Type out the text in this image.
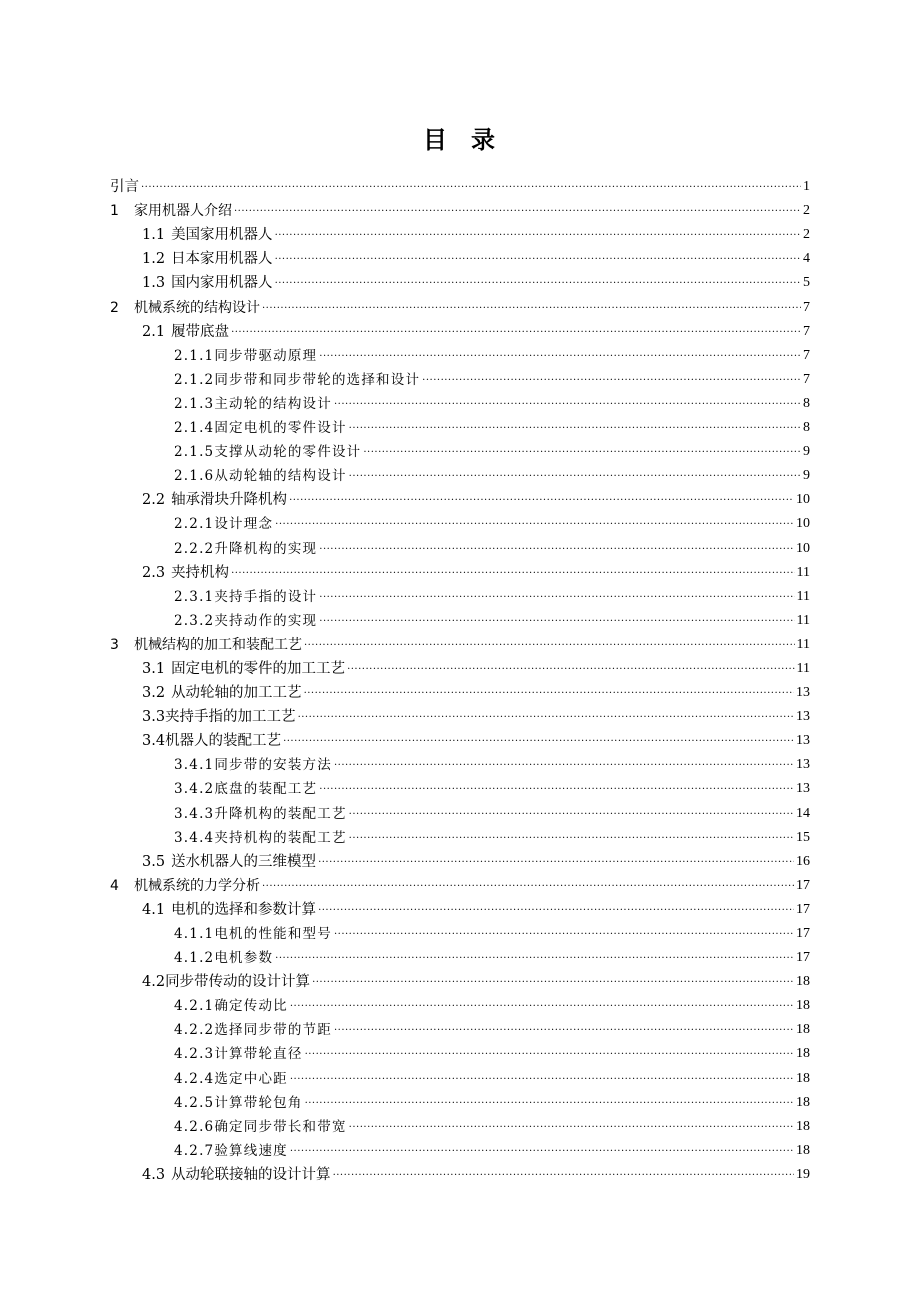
目 录
引言 .....	1
1 家用机器人介绍 .....	2
1.1 美国家用机器人 .....	2
1.2 日本家用机器人 .....	4
1.3 国内家用机器人 .....	5
2 机械系统的结构设计 .....	7
2.1 履带底盘 .....	7
2.1.1同步带驱动原理 .....	7
2.1.2同步带和同步带轮的选择和设计 .....	7
2.1.3主动轮的结构设计 .....	8
2.1.4固定电机的零件设计 .....	8
2.1.5支撑从动轮的零件设计 .....	9
2.1.6从动轮轴的结构设计 .....	9
2.2 轴承滑块升降机构 .....	10
2.2.1设计理念 .....	10
2.2.2升降机构的实现 .....	10
2.3 夹持机构 .....	11
2.3.1夹持手指的设计 .....	11
2.3.2夹持动作的实现 .....	11
3 机械结构的加工和装配工艺 .....	11
3.1 固定电机的零件的加工工艺 .....	11
3.2 从动轮轴的加工工艺 .....	13
3.3夹持手指的加工工艺 .....	13
3.4机器人的装配工艺 .....	13
3.4.1同步带的安装方法 .....	13
3.4.2底盘的装配工艺 .....	13
3.4.3升降机构的装配工艺 .....	14
3.4.4夹持机构的装配工艺 .....	15
3.5 送水机器人的三维模型 .....	16
4 机械系统的力学分析 .....	17
4.1 电机的选择和参数计算 .....	17
4.1.1电机的性能和型号 .....	17
4.1.2电机参数 .....	17
4.2同步带传动的设计计算 .....	18
4.2.1确定传动比 .....	18
4.2.2选择同步带的节距 .....	18
4.2.3计算带轮直径 .....	18
4.2.4选定中心距 .....	18
4.2.5计算带轮包角 .....	18
4.2.6确定同步带长和带宽 .....	18
4.2.7验算线速度 .....	18
4.3 从动轮联接轴的设计计算 .....	19
